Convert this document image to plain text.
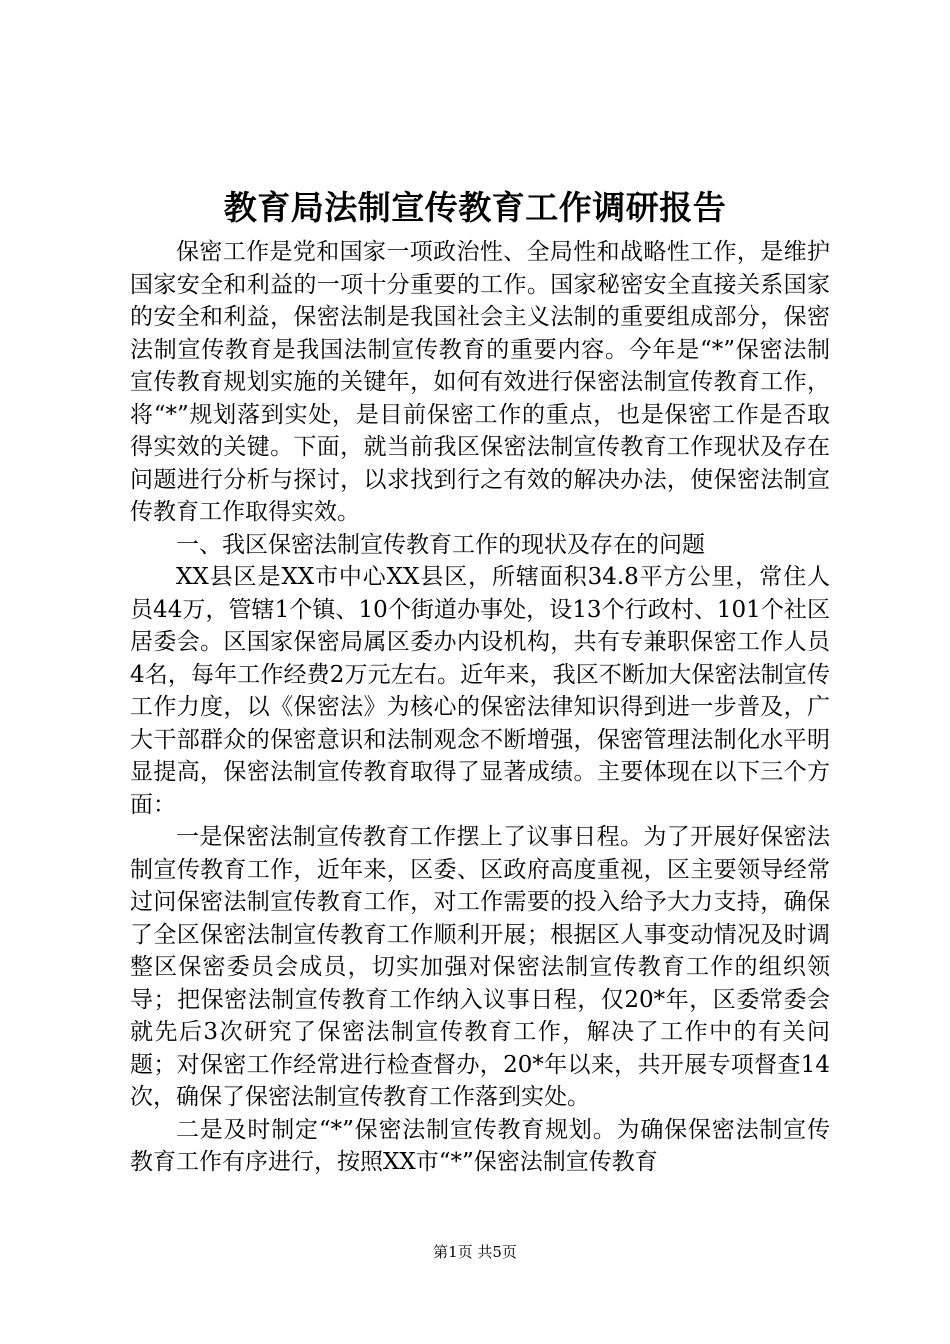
教育局法制宣传教育工作调研报告

保密工作是党和国家一项政治性、全局性和战略性工作，是维护国家安全和利益的一项十分重要的工作。国家秘密安全直接关系国家的安全和利益，保密法制是我国社会主义法制的重要组成部分，保密法制宣传教育是我国法制宣传教育的重要内容。今年是“*”保密法制宣传教育规划实施的关键年，如何有效进行保密法制宣传教育工作，将“*”规划落到实处，是目前保密工作的重点，也是保密工作是否取得实效的关键。下面，就当前我区保密法制宣传教育工作现状及存在问题进行分析与探讨，以求找到行之有效的解决办法，使保密法制宣传教育工作取得实效。

一、我区保密法制宣传教育工作的现状及存在的问题

XX县区是XX市中心XX县区，所辖面积34.8平方公里，常住人员44万，管辖1个镇、10个街道办事处，设13个行政村、101个社区居委会。区国家保密局属区委办内设机构，共有专兼职保密工作人员4名，每年工作经费2万元左右。近年来，我区不断加大保密法制宣传工作力度，以《保密法》为核心的保密法律知识得到进一步普及，广大干部群众的保密意识和法制观念不断增强，保密管理法制化水平明显提高，保密法制宣传教育取得了显著成绩。主要体现在以下三个方面：

一是保密法制宣传教育工作摆上了议事日程。为了开展好保密法制宣传教育工作，近年来，区委、区政府高度重视，区主要领导经常过问保密法制宣传教育工作，对工作需要的投入给予大力支持，确保了全区保密法制宣传教育工作顺利开展；根据区人事变动情况及时调整区保密委员会成员，切实加强对保密法制宣传教育工作的组织领导；把保密法制宣传教育工作纳入议事日程，仅20*年，区委常委会就先后3次研究了保密法制宣传教育工作，解决了工作中的有关问题；对保密工作经常进行检查督办，20*年以来，共开展专项督查14次，确保了保密法制宣传教育工作落到实处。

二是及时制定“*”保密法制宣传教育规划。为确保保密法制宣传教育工作有序进行，按照XX市“*”保密法制宣传教育

第1页 共5页
